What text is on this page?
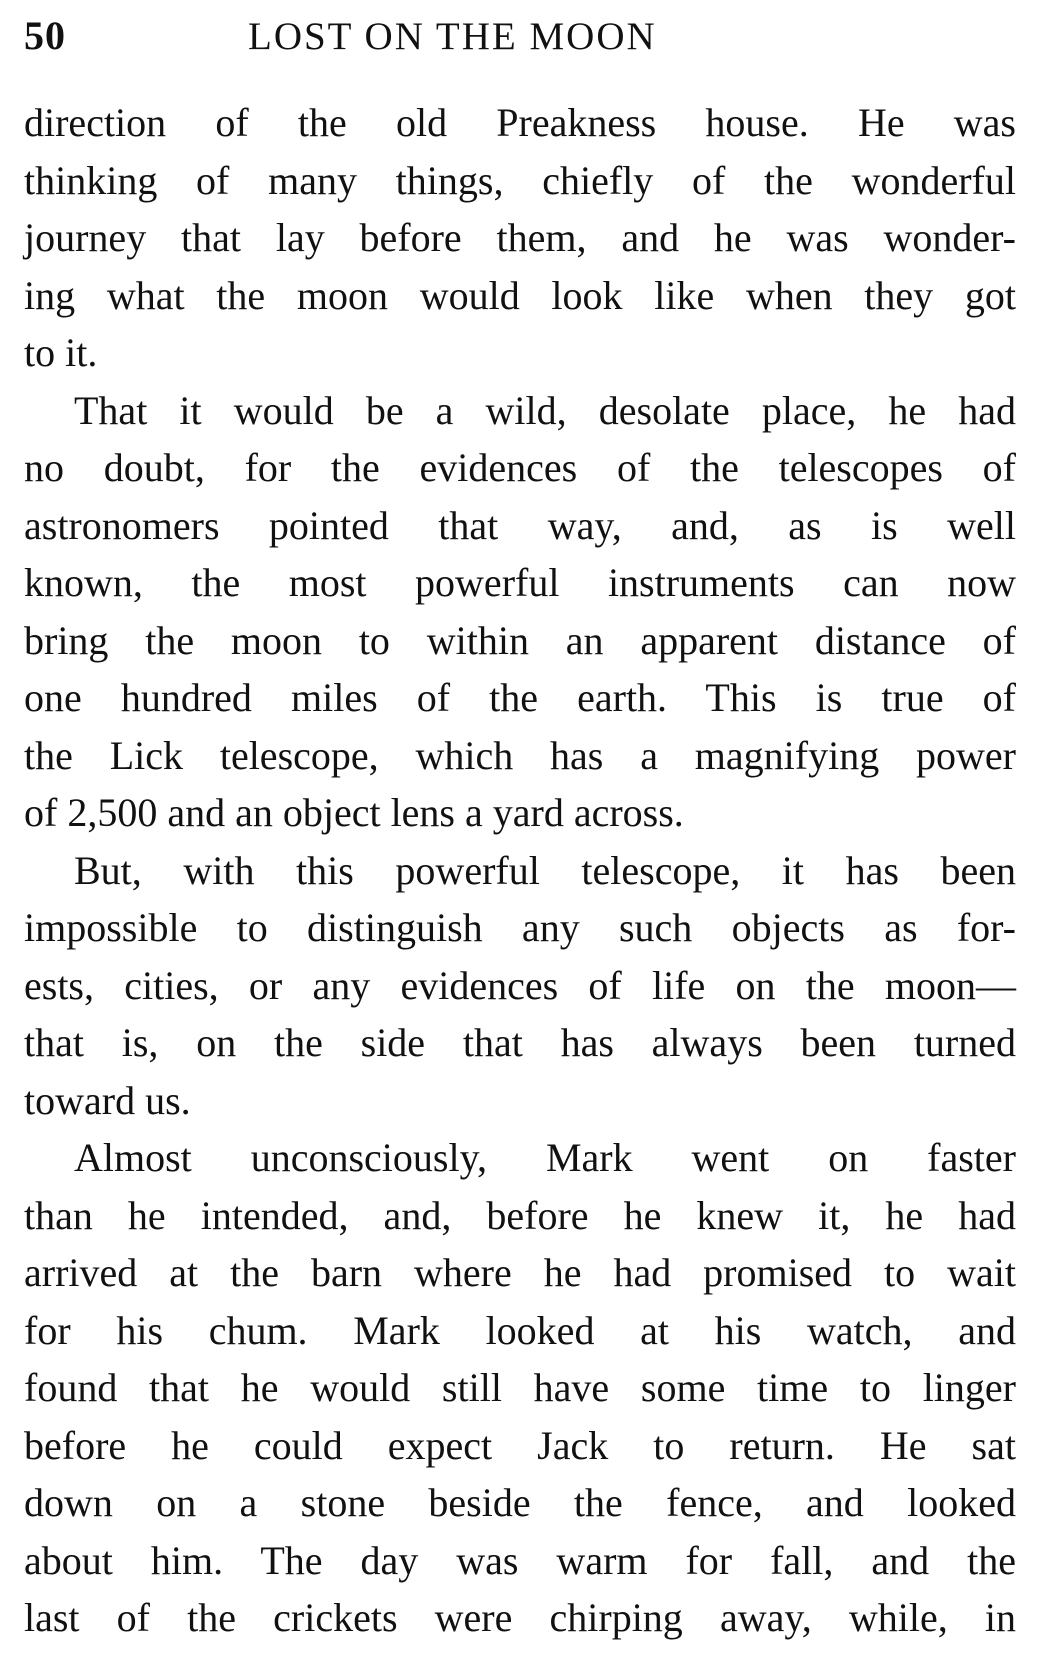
50	LOST ON THE MOON
direction of the old Preakness house. He was
thinking of many things, chiefly of the wonderful
journey that lay before them, and he was wonder-
ing what the moon would look like when they got
to it.
That it would be a wild, desolate place, he had
no doubt, for the evidences of the telescopes of
astronomers pointed that way, and, as is well
known, the most powerful instruments can now
bring the moon to within an apparent distance of
one hundred miles of the earth. This is true of
the Lick telescope, which has a magnifying power
of 2,500 and an object lens a yard across.
But, with this powerful telescope, it has been
impossible to distinguish any such objects as for-
ests, cities, or any evidences of life on the moon—
that is, on the side that has always been turned
toward us.
Almost unconsciously, Mark went on faster
than he intended, and, before he knew it, he had
arrived at the barn where he had promised to wait
for his chum. Mark looked at his watch, and
found that he would still have some time to linger
before he could expect Jack to return. He sat
down on a stone beside the fence, and looked
about him. The day was warm for fall, and the
last of the crickets were chirping away, while, in
